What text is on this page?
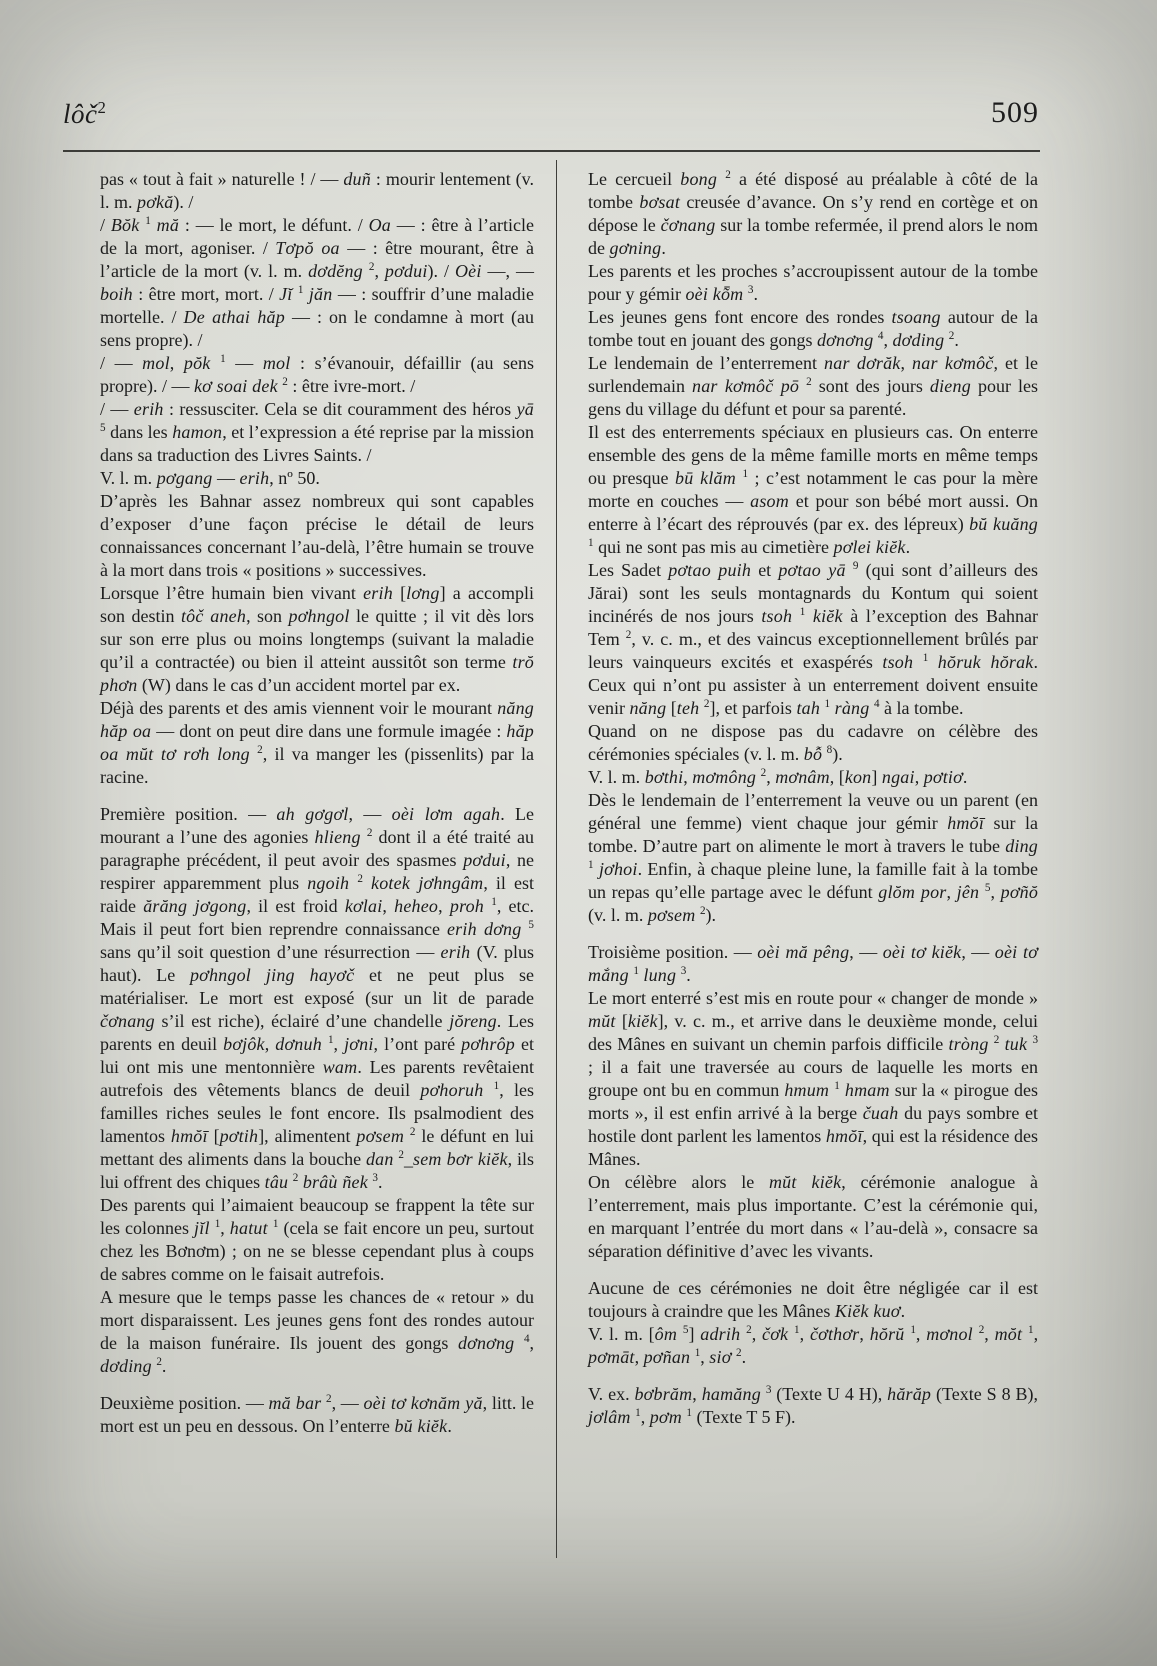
lôč$^2$	509

pas « tout à fait » naturelle ! / — duñ : mourir lentement (v. l. m. pơkă). /

/ Bŏk $^1$ mă : — le mort, le défunt. / Oa — : être à l’article de la mort, agoniser. / Tơpŏ oa — : être mourant, être à l’article de la mort (v. l. m. dơdĕng $^2$, pơdui). / Oèi —, — boih : être mort, mort. / Jĭ $^1$ jăn — : souffrir d’une maladie mortelle. / De athai hăp — : on le condamne à mort (au sens propre). /

/ — mol, pŏk $^1$ — mol : s’évanouir, défaillir (au sens propre). / — kơ soai dek $^2$ : être ivre-mort. /

/ — erih : ressusciter. Cela se dit couramment des héros yā $^5$ dans les hamon, et l’expression a été reprise par la mission dans sa traduction des Livres Saints. /

V. l. m. pơgang — erih, nº 50.

D’après les Bahnar assez nombreux qui sont capables d’exposer d’une façon précise le détail de leurs connaissances concernant l’au-delà, l’être humain se trouve à la mort dans trois « positions » successives.

Lorsque l’être humain bien vivant erih [lơng] a accompli son destin tôč aneh, son pơhngol le quitte ; il vit dès lors sur son erre plus ou moins longtemps (suivant la maladie qu’il a contractée) ou bien il atteint aussitôt son terme trŏ phơn (W) dans le cas d’un accident mortel par ex.

Déjà des parents et des amis viennent voir le mourant năng hăp oa — dont on peut dire dans une formule imagée : hăp oa mŭt tơ rơh long $^2$, il va manger les (pissenlits) par la racine.

Première position. — ah gơgơl, — oèi lơm agah. Le mourant a l’une des agonies hlieng $^2$ dont il a été traité au paragraphe précédent, il peut avoir des spasmes pơdui, ne respirer apparemment plus ngoih $^2$ kotek jơhngâm, il est raide ărăng jơgong, il est froid kơlai, heheo, proh $^1$, etc. Mais il peut fort bien reprendre connaissance erih dơng $^5$ sans qu’il soit question d’une résurrection — erih (V. plus haut). Le pơhngol jing hayơč et ne peut plus se matérialiser. Le mort est exposé (sur un lit de parade čơnang s’il est riche), éclairé d’une chandelle jŏreng. Les parents en deuil bơjôk, dơnuh $^1$, jơni, l’ont paré pơhrôp et lui ont mis une mentonnière wam. Les parents revêtaient autrefois des vêtements blancs de deuil pơhoruh $^1$, les familles riches seules le font encore. Ils psalmodient des lamentos hmŏī [pơtih], alimentent pơsem $^2$ le défunt en lui mettant des aliments dans la bouche dan $^2$_sem bơr kiĕk, ils lui offrent des chiques tâu $^2$ brâù ñek $^3$.

Des parents qui l’aimaient beaucoup se frappent la tête sur les colonnes jĭl $^1$, hatut $^1$ (cela se fait encore un peu, surtout chez les Bơnơm) ; on ne se blesse cependant plus à coups de sabres comme on le faisait autrefois.

A mesure que le temps passe les chances de « retour » du mort disparaissent. Les jeunes gens font des rondes autour de la maison funéraire. Ils jouent des gongs dơnơng $^4$, dơding $^2$.

Deuxième position. — mă bar $^2$, — oèi tơ kơnăm yă, litt. le mort est un peu en dessous. On l’enterre bŭ kiĕk.

Le cercueil bong $^2$ a été disposé au préalable à côté de la tombe bơsat creusée d’avance. On s’y rend en cortège et on dépose le čơnang sur la tombe refermée, il prend alors le nom de gơning.

Les parents et les proches s’accroupissent autour de la tombe pour y gémir oèi kȭm $^3$.

Les jeunes gens font encore des rondes tsoang autour de la tombe tout en jouant des gongs dơnơng $^4$, dơding $^2$.

Le lendemain de l’enterrement nar dơrăk, nar kơmôč, et le surlendemain nar kơmôč pō $^2$ sont des jours dieng pour les gens du village du défunt et pour sa parenté.

Il est des enterrements spéciaux en plusieurs cas. On enterre ensemble des gens de la même famille morts en même temps ou presque bū klăm $^1$ ; c’est notamment le cas pour la mère morte en couches — asom et pour son bébé mort aussi. On enterre à l’écart des réprouvés (par ex. des lépreux) bŭ kuăng $^1$ qui ne sont pas mis au cimetière pơlei kiĕk.

Les Sadet pơtao puih et pơtao yā $^9$ (qui sont d’ailleurs des Jărai) sont les seuls montagnards du Kontum qui soient incinérés de nos jours tsoh $^1$ kiĕk à l’exception des Bahnar Tem $^2$, v. c. m., et des vaincus exceptionnellement brûlés par leurs vainqueurs excités et exaspérés tsoh $^1$ hŏruk hŏrak. Ceux qui n’ont pu assister à un enterrement doivent ensuite venir năng [teh $^2$], et parfois tah $^1$ ràng $^4$ à la tombe.

Quand on ne dispose pas du cadavre on célèbre des cérémonies spéciales (v. l. m. bỗ $^8$).

V. l. m. bơthi, mơmông $^2$, mơnâm, [kon] ngai, pơtiơ.

Dès le lendemain de l’enterrement la veuve ou un parent (en général une femme) vient chaque jour gémir hmŏī sur la tombe. D’autre part on alimente le mort à travers le tube ding $^1$ jơhoi. Enfin, à chaque pleine lune, la famille fait à la tombe un repas qu’elle partage avec le défunt glŏm por, jên $^5$, pơñŏ (v. l. m. pơsem $^2$).

Troisième position. — oèi mă pêng, — oèi tơ kiĕk, — oèi tơ mắng $^1$ lung $^3$.

Le mort enterré s’est mis en route pour « changer de monde » mŭt [kiĕk], v. c. m., et arrive dans le deuxième monde, celui des Mânes en suivant un chemin parfois difficile tròng $^2$ tuk $^3$ ; il a fait une traversée au cours de laquelle les morts en groupe ont bu en commun hmum $^1$ hmam sur la « pirogue des morts », il est enfin arrivé à la berge čuah du pays sombre et hostile dont parlent les lamentos hmŏī, qui est la résidence des Mânes.

On célèbre alors le mŭt kiĕk, cérémonie analogue à l’enterrement, mais plus importante. C’est la cérémonie qui, en marquant l’entrée du mort dans « l’au-delà », consacre sa séparation définitive d’avec les vivants.

Aucune de ces cérémonies ne doit être négligée car il est toujours à craindre que les Mânes Kiĕk kuơ.

V. l. m. [ôm $^5$] adrih $^2$, čơk $^1$, čơthơr, hŏrŭ $^1$, mơnol $^2$, mŏt $^1$, pơmāt, pơñan $^1$, siơ $^2$.

V. ex. bơbrăm, hamăng $^3$ (Texte U 4 H), hărăp (Texte S 8 B), jơlâm $^1$, pơm $^1$ (Texte T 5 F).
